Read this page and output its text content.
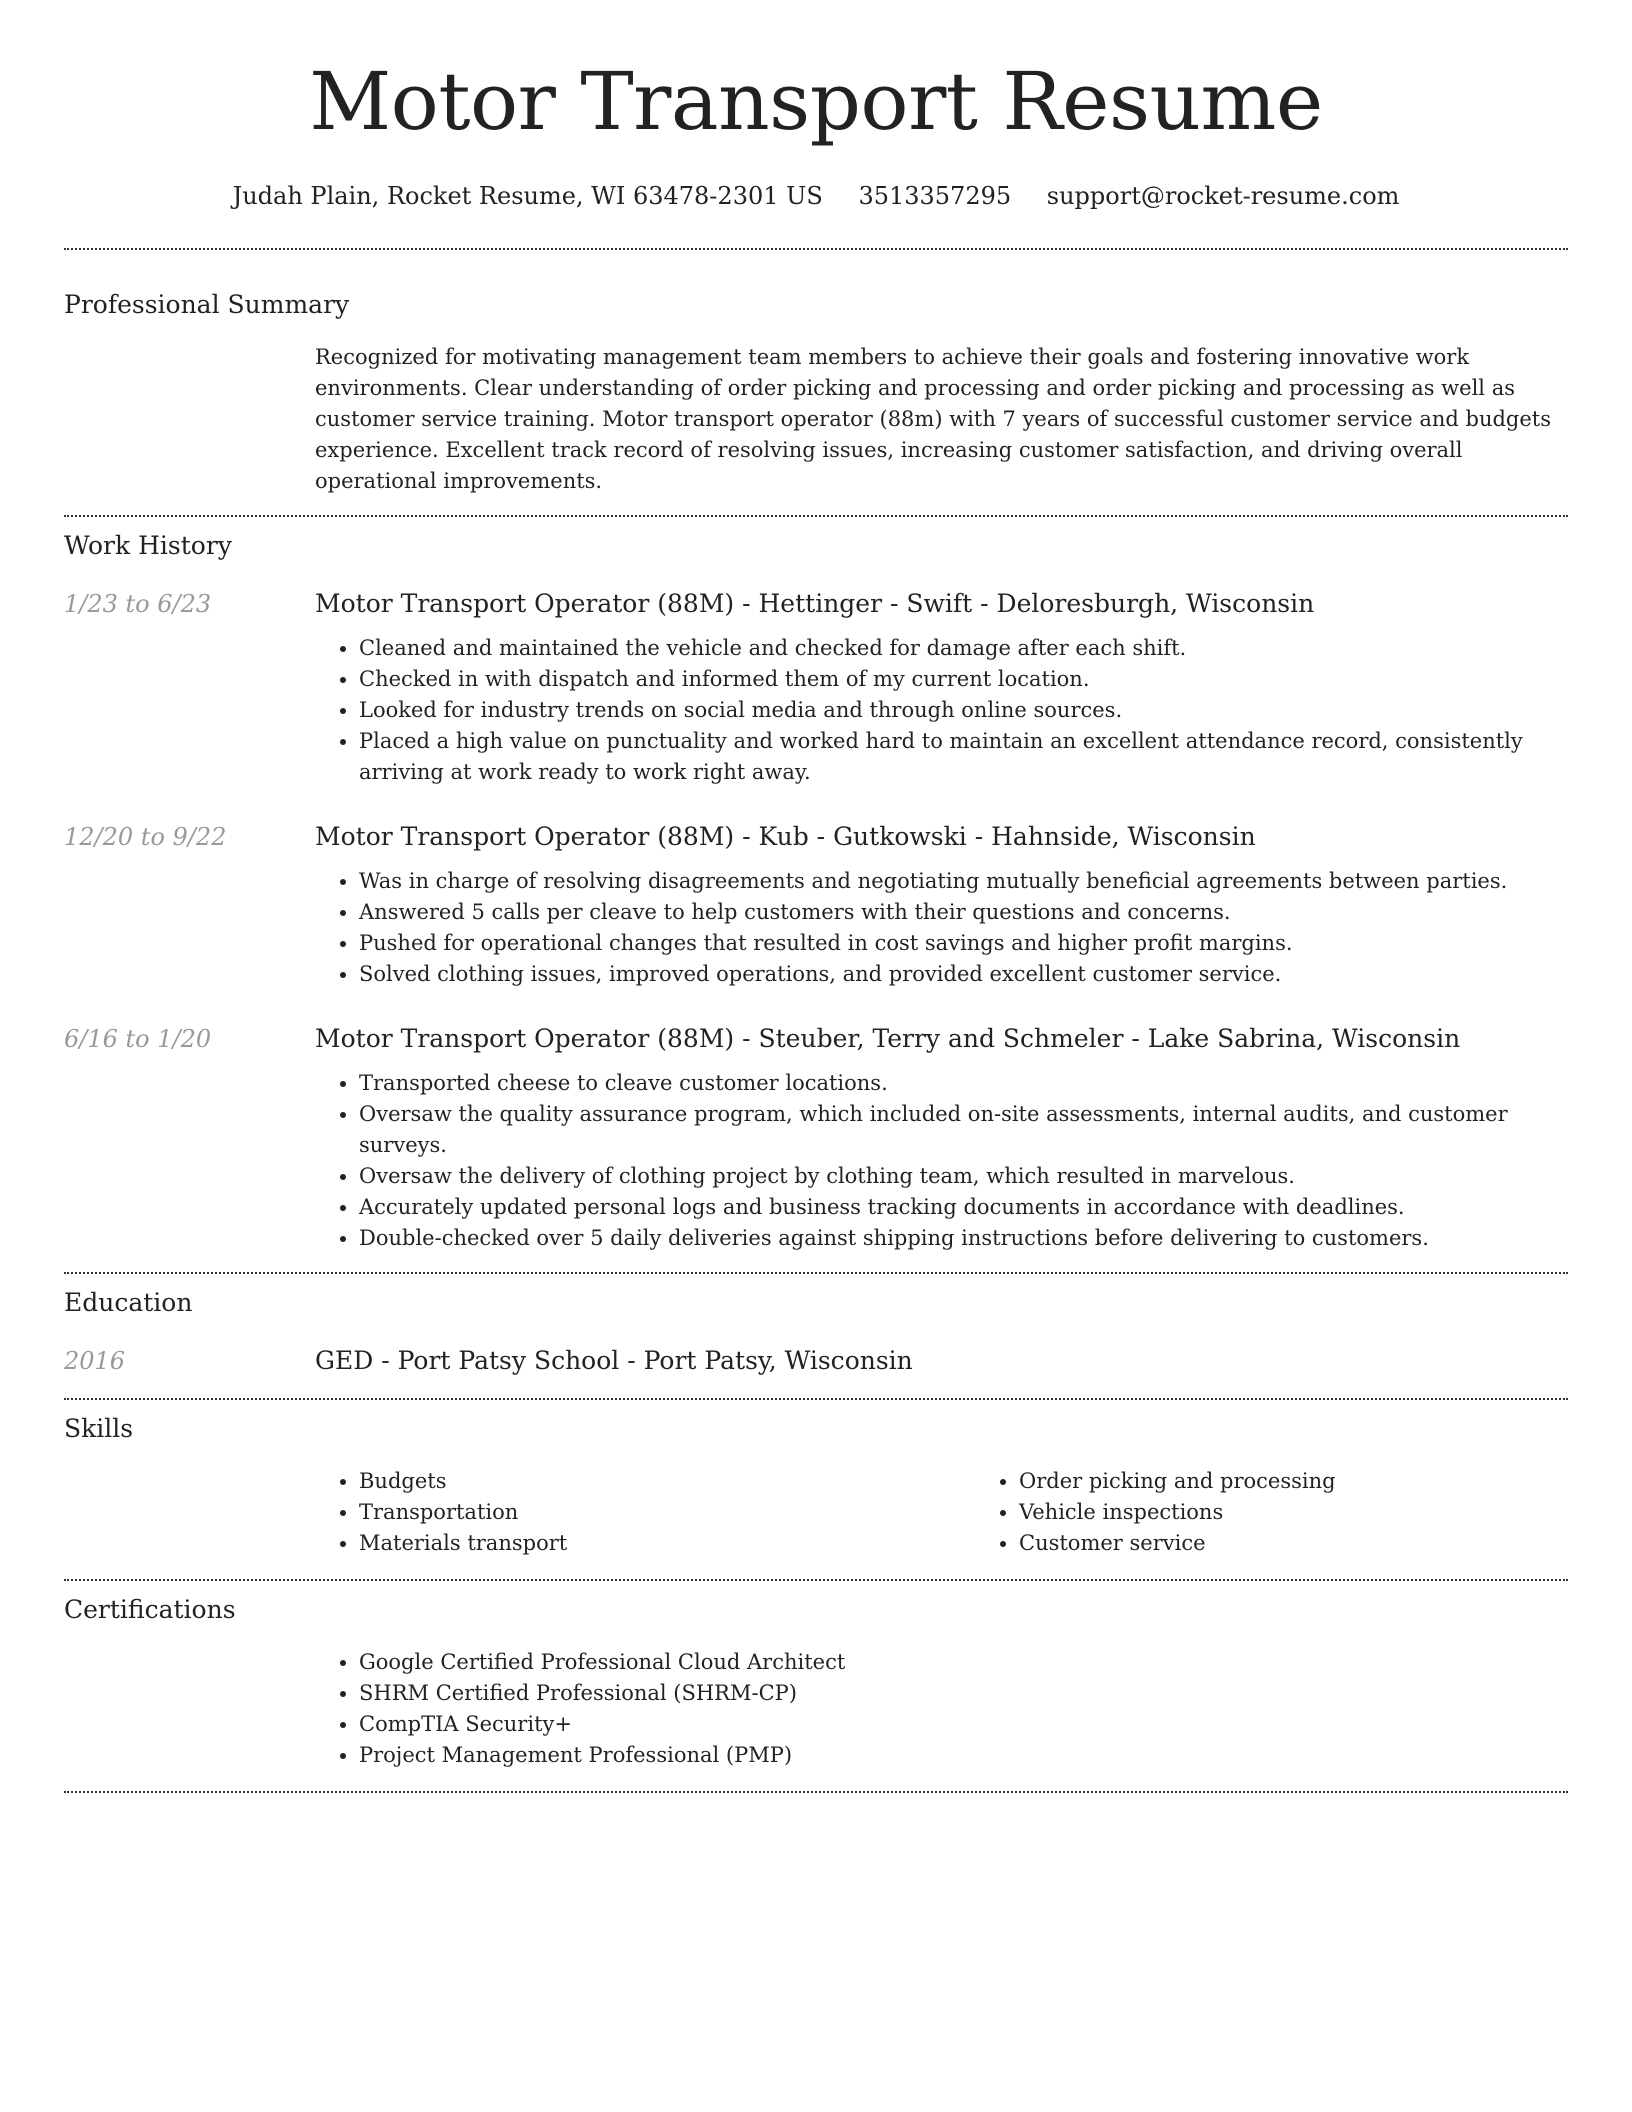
Motor Transport Resume
Judah Plain, Rocket Resume, WI 63478-2301 US 3513357295 support@rocket-resume.com
Professional Summary

Recognized for motivating management team members to achieve their goals and fostering innovative work environments. Clear understanding of order picking and processing and order picking and processing as well as customer service training. Motor transport operator (88m) with 7 years of successful customer service and budgets experience. Excellent track record of resolving issues, increasing customer satisfaction, and driving overall operational improvements.

Work History
1/23 to 6/23	Motor Transport Operator (88M) - Hettinger - Swift - Deloresburgh, Wisconsin
• Cleaned and maintained the vehicle and checked for damage after each shift.
• Checked in with dispatch and informed them of my current location.
• Looked for industry trends on social media and through online sources.
• Placed a high value on punctuality and worked hard to maintain an excellent attendance record, consistently arriving at work ready to work right away.
12/20 to 9/22	Motor Transport Operator (88M) - Kub - Gutkowski - Hahnside, Wisconsin
• Was in charge of resolving disagreements and negotiating mutually beneficial agreements between parties.
• Answered 5 calls per cleave to help customers with their questions and concerns.
• Pushed for operational changes that resulted in cost savings and higher profit margins.
• Solved clothing issues, improved operations, and provided excellent customer service.
6/16 to 1/20	Motor Transport Operator (88M) - Steuber, Terry and Schmeler - Lake Sabrina, Wisconsin
• Transported cheese to cleave customer locations.
• Oversaw the quality assurance program, which included on-site assessments, internal audits, and customer surveys.
• Oversaw the delivery of clothing project by clothing team, which resulted in marvelous.
• Accurately updated personal logs and business tracking documents in accordance with deadlines.
• Double-checked over 5 daily deliveries against shipping instructions before delivering to customers.
Education
2016	GED - Port Patsy School - Port Patsy, Wisconsin
Skills
• Budgets
• Transportation
• Materials transport
• Order picking and processing
• Vehicle inspections
• Customer service
Certifications
• Google Certified Professional Cloud Architect
• SHRM Certified Professional (SHRM-CP)
• CompTIA Security+
• Project Management Professional (PMP)
